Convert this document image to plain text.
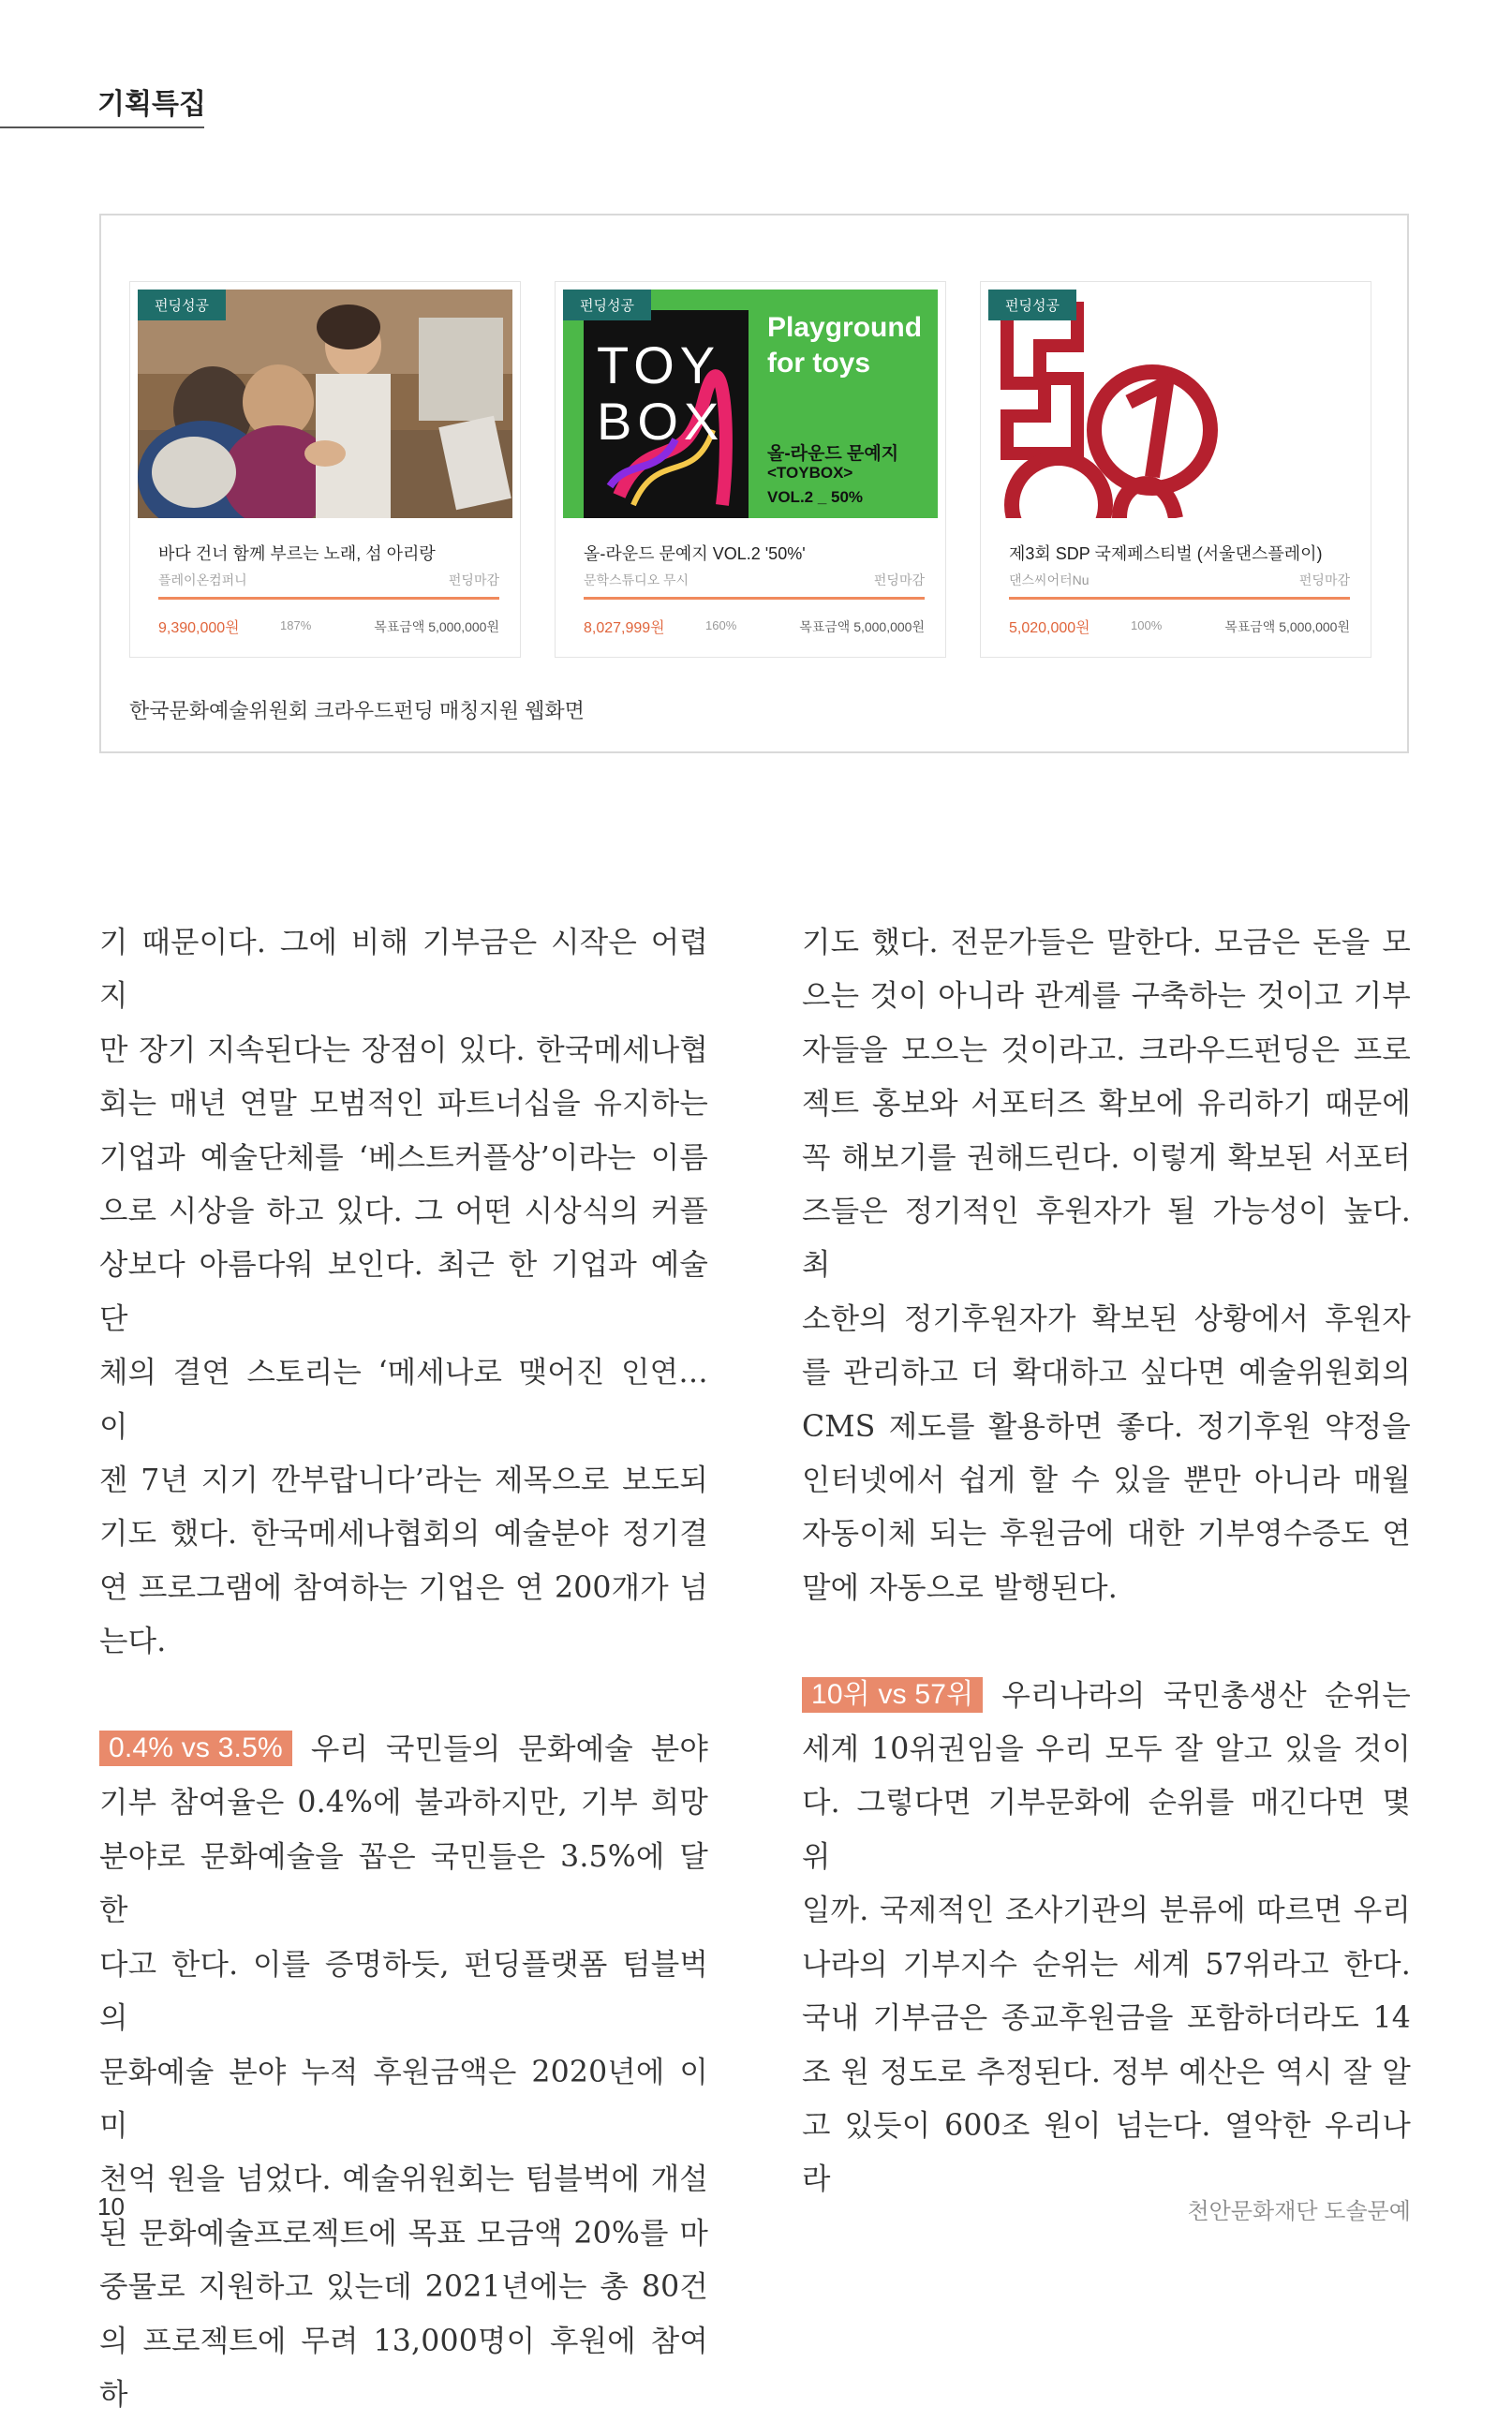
기획특집
펀딩성공
바다 건너 함께 부르는 노래, 섬 아리랑
플레이온컴퍼니	펀딩마감
9,390,000원	187%	목표금액 5,000,000원
TOY
BOX
Playground
for toys
올-라운드 문예지
<TOYBOX>
VOL.2 _ 50%
펀딩성공
올-라운드 문예지 VOL.2 '50%'
문학스튜디오 무시	펀딩마감
8,027,999원	160%	목표금액 5,000,000원
펀딩성공
제3회 SDP 국제페스티벌 (서울댄스플레이)
댄스씨어터Nu	펀딩마감
5,020,000원	100%	목표금액 5,000,000원
한국문화예술위원회 크라우드펀딩 매칭지원 웹화면

기 때문이다. 그에 비해 기부금은 시작은 어렵지

만 장기 지속된다는 장점이 있다. 한국메세나협

회는 매년 연말 모범적인 파트너십을 유지하는

기업과 예술단체를 ‘베스트커플상’이라는 이름

으로 시상을 하고 있다. 그 어떤 시상식의 커플

상보다 아름다워 보인다. 최근 한 기업과 예술단

체의 결연 스토리는 ‘메세나로 맺어진 인연… 이

젠 7년 지기 깐부랍니다’라는 제목으로 보도되

기도 했다. 한국메세나협회의 예술분야 정기결

연 프로그램에 참여하는 기업은 연 200개가 넘

는다.

0.4% vs 3.5% 우리 국민들의 문화예술 분야

기부 참여율은 0.4%에 불과하지만, 기부 희망

분야로 문화예술을 꼽은 국민들은 3.5%에 달한

다고 한다. 이를 증명하듯, 펀딩플랫폼 텀블벅의

문화예술 분야 누적 후원금액은 2020년에 이미

천억 원을 넘었다. 예술위원회는 텀블벅에 개설

된 문화예술프로젝트에 목표 모금액 20%를 마

중물로 지원하고 있는데 2021년에는 총 80건

의 프로젝트에 무려 13,000명이 후원에 참여하

기도 했다. 전문가들은 말한다. 모금은 돈을 모

으는 것이 아니라 관계를 구축하는 것이고 기부

자들을 모으는 것이라고. 크라우드펀딩은 프로

젝트 홍보와 서포터즈 확보에 유리하기 때문에

꼭 해보기를 권해드린다. 이렇게 확보된 서포터

즈들은 정기적인 후원자가 될 가능성이 높다. 최

소한의 정기후원자가 확보된 상황에서 후원자

를 관리하고 더 확대하고 싶다면 예술위원회의

CMS 제도를 활용하면 좋다. 정기후원 약정을

인터넷에서 쉽게 할 수 있을 뿐만 아니라 매월

자동이체 되는 후원금에 대한 기부영수증도 연

말에 자동으로 발행된다.

10위 vs 57위 우리나라의 국민총생산 순위는

세계 10위권임을 우리 모두 잘 알고 있을 것이

다. 그렇다면 기부문화에 순위를 매긴다면 몇 위

일까. 국제적인 조사기관의 분류에 따르면 우리

나라의 기부지수 순위는 세계 57위라고 한다.

국내 기부금은 종교후원금을 포함하더라도 14

조 원 정도로 추정된다. 정부 예산은 역시 잘 알

고 있듯이 600조 원이 넘는다. 열악한 우리나라

10	천안문화재단 도솔문예
